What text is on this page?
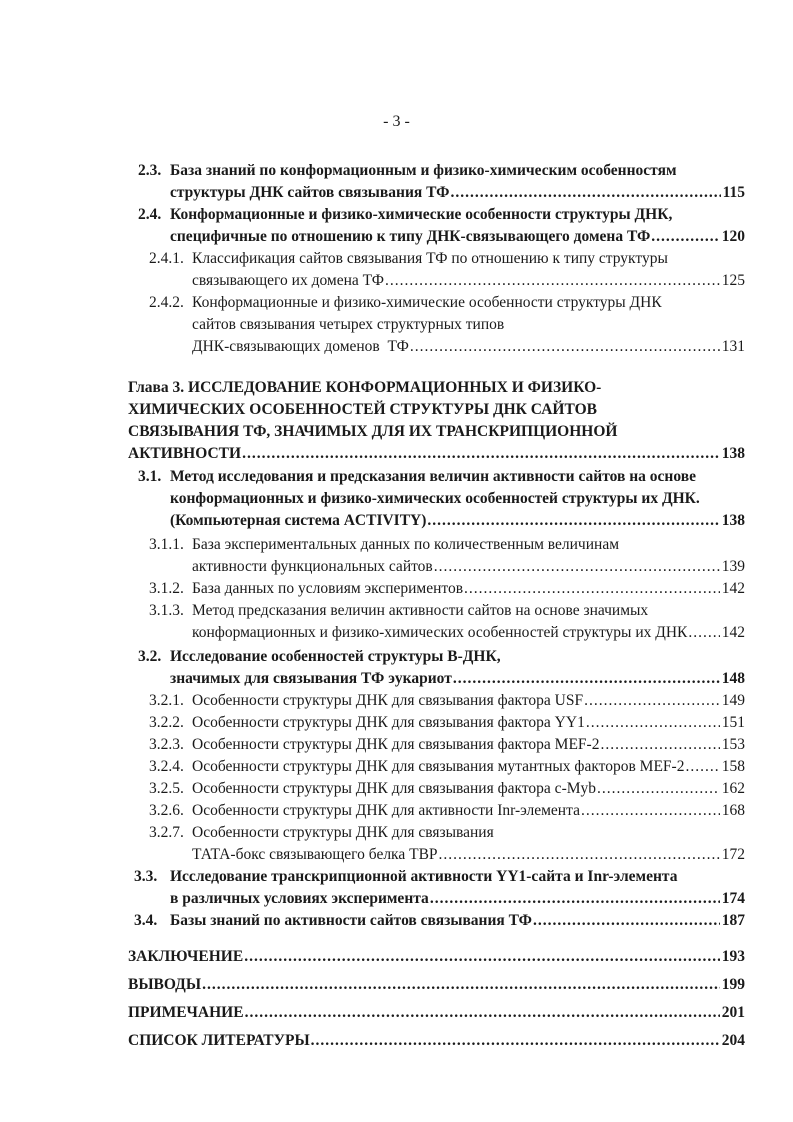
- 3 -
2.3. База знаний по конформационным и физико-химическим особенностям
структуры ДНК сайтов связывания ТФ .....	115
2.4. Конформационные и физико-химические особенности структуры ДНК,
специфичные по отношению к типу ДНК-связывающего домена ТФ .....	120
2.4.1. Классификация сайтов связывания ТФ по отношению к типу структуры
связывающего их домена ТФ .....	125
2.4.2. Конформационные и физико-химические особенности структуры ДНК
сайтов связывания четырех структурных типов
ДНК-связывающих доменов  ТФ .....	131
Глава 3. ИССЛЕДОВАНИЕ КОНФОРМАЦИОННЫХ И ФИЗИКО-
ХИМИЧЕСКИХ ОСОБЕННОСТЕЙ СТРУКТУРЫ ДНК САЙТОВ
СВЯЗЫВАНИЯ ТФ, ЗНАЧИМЫХ ДЛЯ ИХ ТРАНСКРИПЦИОННОЙ
АКТИВНОСТИ .....	138
3.1. Метод исследования и предсказания величин активности сайтов на основе
конформационных и физико-химических особенностей структуры их ДНК.
(Компьютерная система ACTIVITY) .....	138
3.1.1. База экспериментальных данных по количественным величинам
активности функциональных сайтов .....	139
3.1.2. База данных по условиям экспериментов .....	142
3.1.3. Метод предсказания величин активности сайтов на основе значимых
конформационных и физико-химических особенностей структуры их ДНК ..... 142
3.2. Исследование особенностей структуры В-ДНК,
значимых для связывания ТФ эукариот .....	148
3.2.1. Особенности структуры ДНК для связывания фактора USF .....	149
3.2.2. Особенности структуры ДНК для связывания фактора YY1 .....	151
3.2.3. Особенности структуры ДНК для связывания фактора MEF-2 .....	153
3.2.4. Особенности структуры ДНК для связывания мутантных факторов MEF-2 ..... 158
3.2.5. Особенности структуры ДНК для связывания фактора c-Myb .....	162
3.2.6. Особенности структуры ДНК для активности Inr-элемента .....	168
3.2.7. Особенности структуры ДНК для связывания
ТАТА-бокс связывающего белка ТВР .....	172
3.3. Исследование транскрипционной активности YY1-сайта и Inr-элемента
в различных условиях эксперимента .....	174
3.4. Базы знаний по активности сайтов связывания ТФ .....	187
ЗАКЛЮЧЕНИЕ .....	193
ВЫВОДЫ .....	199
ПРИМЕЧАНИЕ .....	201
СПИСОК ЛИТЕРАТУРЫ .....	204
